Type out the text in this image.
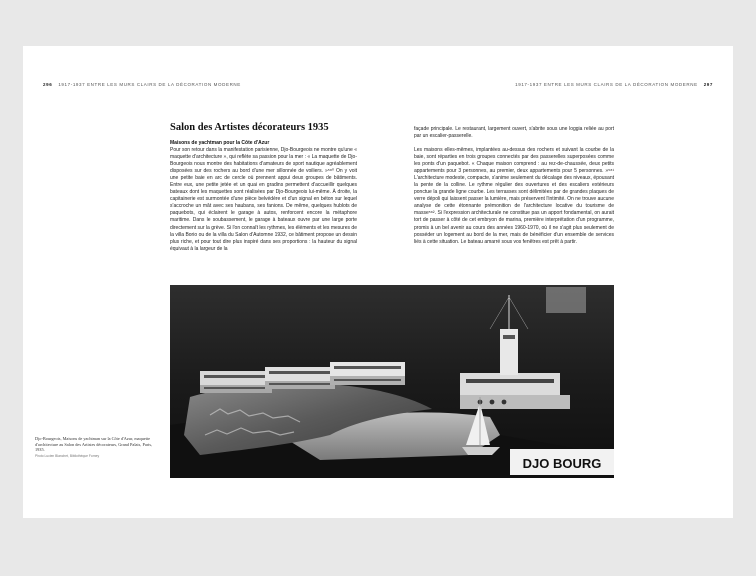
296 1917-1937 ENTRE LES MURS CLAIRS DE LA DÉCORATION MODERNE	1917-1937 ENTRE LES MURS CLAIRS DE LA DÉCORATION MODERNE 297
Salon des Artistes décorateurs 1935
Maisons de yachtman pour la Côte d'Azur

Pour son retour dans la manifestation parisienne, Djo-Bourgeois ne montre qu'une « maquette d'architecture », qui reflète sa passion pour la mer : « La maquette de Djo-Bourgeois nous montre des habitations d'amateurs de sport nautique agréablement disposées sur des rochers au bord d'une mer sillonnée de voiliers. »⁵⁸⁰ On y voit une petite baie en arc de cercle où prennent appui deux groupes de bâtiments. Entre eux, une petite jetée et un quai en gradins permettent d'accueillir quelques bateaux dont les maquettes sont réalisées par Djo-Bourgeois lui-même. À droite, la capitainerie est surmontée d'une pièce belvédère et d'un signal en béton sur lequel s'accroche un mât avec ses haubans, ses fanions. De même, quelques hublots de paquebots, qui éclairent le garage à autos, renforcent encore la métaphore maritime. Dans le soubassement, le garage à bateaux ouvre par une large porte directement sur la grève. Si l'on connaît les rythmes, les éléments et les mesures de la villa Borio ou de la villa du Salon d'Automne 1932, ce bâtiment propose un dessin plus riche, et pour tout dire plus inspiré dans ses proportions : la hauteur du signal équivaut à la largeur de la

façade principale. Le restaurant, largement ouvert, s'abrite sous une loggia reliée au port par un escalier-passerelle.

Les maisons elles-mêmes, implantées au-dessus des rochers et suivant la courbe de la baie, sont réparties en trois groupes connectés par des passerelles superposées comme les ponts d'un paquebot. « Chaque maison comprend : au rez-de-chaussée, deux petits appartements pour 3 personnes, au premier, deux appartements pour 5 personnes. »⁵⁸¹ L'architecture modeste, compacte, s'anime seulement du décalage des niveaux, épousant la pente de la colline. Le rythme régulier des ouvertures et des escaliers extérieurs ponctue la grande ligne courbe. Les terrasses sont délimitées par de grandes plaques de verre dépoli qui laissent passer la lumière, mais préservent l'intimité. On ne trouve aucune analyse de cette étonnante prémonition de l'architecture locative du tourisme de masse⁵⁸². Si l'expression architecturale ne constitue pas un apport fondamental, on aurait tort de passer à côté de cet embryon de marina, première interprétation d'un programme, promis à un bel avenir au cours des années 1960-1970, où il ne s'agit plus seulement de posséder un logement au bord de la mer, mais de bénéficier d'un ensemble de services liés à cette situation. Le bateau amarré sous vos fenêtres est prêt à partir.

DJO BOURG
Djo-Bourgeois, Maisons de yachtman sur la Côte d'Azur, maquette d'architecture au Salon des Artistes décorateurs, Grand Palais, Paris, 1935.
Photo Lucien Blanchet, Bibliothèque Forney
